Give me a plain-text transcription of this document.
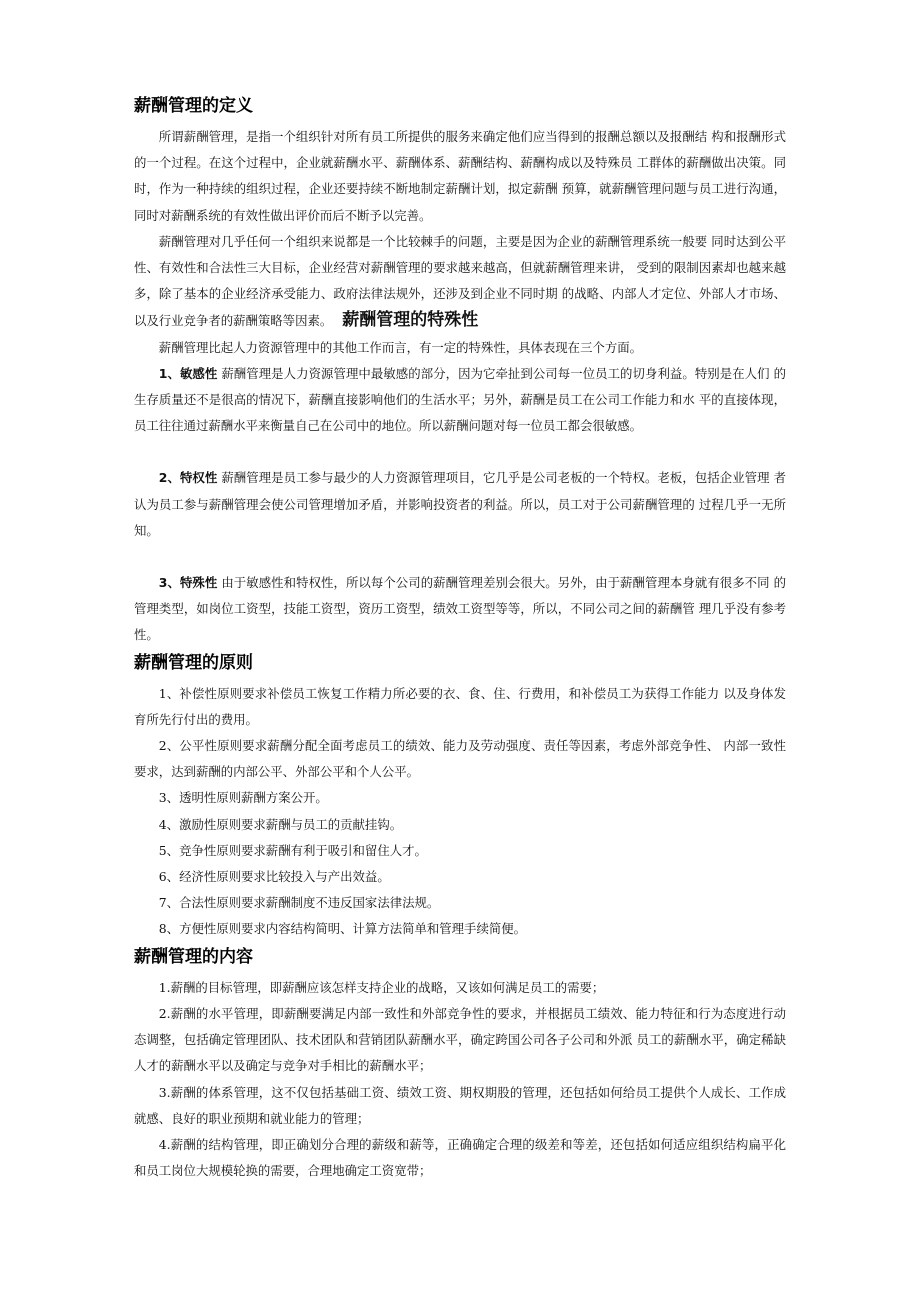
薪酬管理的定义

所谓薪酬管理，是指一个组织针对所有员工所提供的服务来确定他们应当得到的报酬总额以及报酬结 构和报酬形式的一个过程。在这个过程中，企业就薪酬水平、薪酬体系、薪酬结构、薪酬构成以及特殊员 工群体的薪酬做出决策。同时，作为一种持续的组织过程，企业还要持续不断地制定薪酬计划，拟定薪酬 预算，就薪酬管理问题与员工进行沟通，同时对薪酬系统的有效性做出评价而后不断予以完善。

薪酬管理对几乎任何一个组织来说都是一个比较棘手的问题，主要是因为企业的薪酬管理系统一般要 同时达到公平性、有效性和合法性三大目标，企业经营对薪酬管理的要求越来越高，但就薪酬管理来讲， 受到的限制因素却也越来越多，除了基本的企业经济承受能力、政府法律法规外，还涉及到企业不同时期 的战略、内部人才定位、外部人才市场、以及行业竞争者的薪酬策略等因素。 薪酬管理的特殊性

薪酬管理比起人力资源管理中的其他工作而言，有一定的特殊性，具体表现在三个方面。

1、敏感性 薪酬管理是人力资源管理中最敏感的部分，因为它牵扯到公司每一位员工的切身利益。特别是在人们 的生存质量还不是很高的情况下，薪酬直接影响他们的生活水平；另外，薪酬是员工在公司工作能力和水 平的直接体现，员工往往通过薪酬水平来衡量自己在公司中的地位。所以薪酬问题对每一位员工都会很敏感。

2、特权性 薪酬管理是员工参与最少的人力资源管理项目，它几乎是公司老板的一个特权。老板，包括企业管理 者认为员工参与薪酬管理会使公司管理增加矛盾，并影响投资者的利益。所以，员工对于公司薪酬管理的 过程几乎一无所知。

3、特殊性 由于敏感性和特权性，所以每个公司的薪酬管理差别会很大。另外，由于薪酬管理本身就有很多不同 的管理类型，如岗位工资型，技能工资型，资历工资型，绩效工资型等等，所以，不同公司之间的薪酬管 理几乎没有参考性。

薪酬管理的原则

1、补偿性原则要求补偿员工恢复工作精力所必要的衣、食、住、行费用，和补偿员工为获得工作能力 以及身体发育所先行付出的费用。

2、公平性原则要求薪酬分配全面考虑员工的绩效、能力及劳动强度、责任等因素，考虑外部竞争性、 内部一致性要求，达到薪酬的内部公平、外部公平和个人公平。

3、透明性原则薪酬方案公开。

4、激励性原则要求薪酬与员工的贡献挂钩。

5、竞争性原则要求薪酬有利于吸引和留住人才。

6、经济性原则要求比较投入与产出效益。

7、合法性原则要求薪酬制度不违反国家法律法规。

8、方便性原则要求内容结构简明、计算方法简单和管理手续简便。

薪酬管理的内容

1.薪酬的目标管理，即薪酬应该怎样支持企业的战略，又该如何满足员工的需要；

2.薪酬的水平管理，即薪酬要满足内部一致性和外部竞争性的要求，并根据员工绩效、能力特征和行为态度进行动态调整，包括确定管理团队、技术团队和营销团队薪酬水平，确定跨国公司各子公司和外派 员工的薪酬水平，确定稀缺人才的薪酬水平以及确定与竞争对手相比的薪酬水平；

3.薪酬的体系管理，这不仅包括基础工资、绩效工资、期权期股的管理，还包括如何给员工提供个人成长、工作成就感、良好的职业预期和就业能力的管理；

4.薪酬的结构管理，即正确划分合理的薪级和薪等，正确确定合理的级差和等差，还包括如何适应组织结构扁平化和员工岗位大规模轮换的需要，合理地确定工资宽带；
